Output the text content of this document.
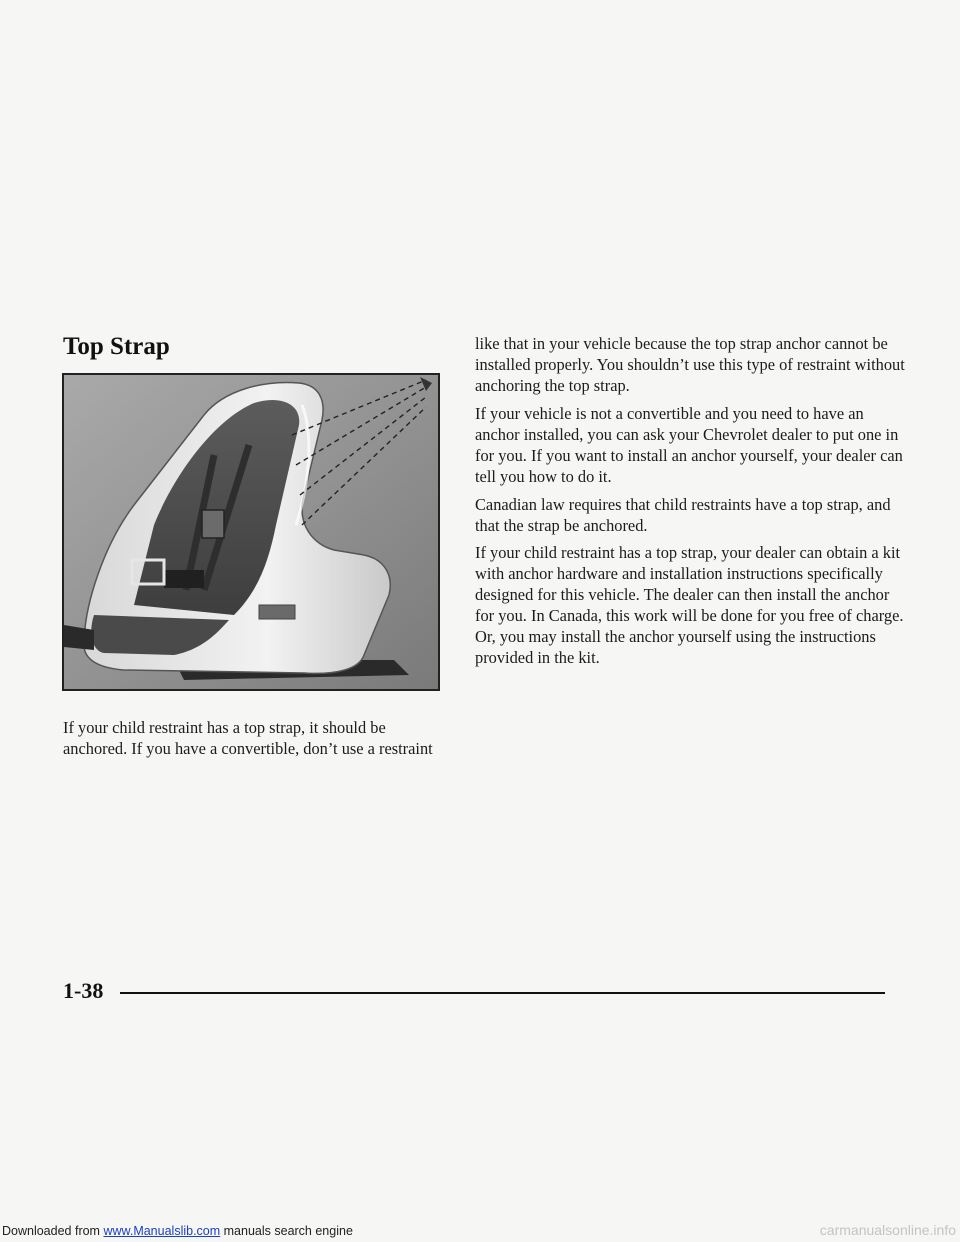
Top Strap

If your child restraint has a top strap, it should be anchored. If you have a convertible, don’t use a restraint

like that in your vehicle because the top strap anchor cannot be installed properly. You shouldn’t use this type of restraint without anchoring the top strap.

If your vehicle is not a convertible and you need to have an anchor installed, you can ask your Chevrolet dealer to put one in for you. If you want to install an anchor yourself, your dealer can tell you how to do it.

Canadian law requires that child restraints have a top strap, and that the strap be anchored.

If your child restraint has a top strap, your dealer can obtain a kit with anchor hardware and installation instructions specifically designed for this vehicle. The dealer can then install the anchor for you. In Canada, this work will be done for you free of charge. Or, you may install the anchor yourself using the instructions provided in the kit.

1-38
Downloaded from www.Manualslib.com manuals search engine	carmanualsonline.info
